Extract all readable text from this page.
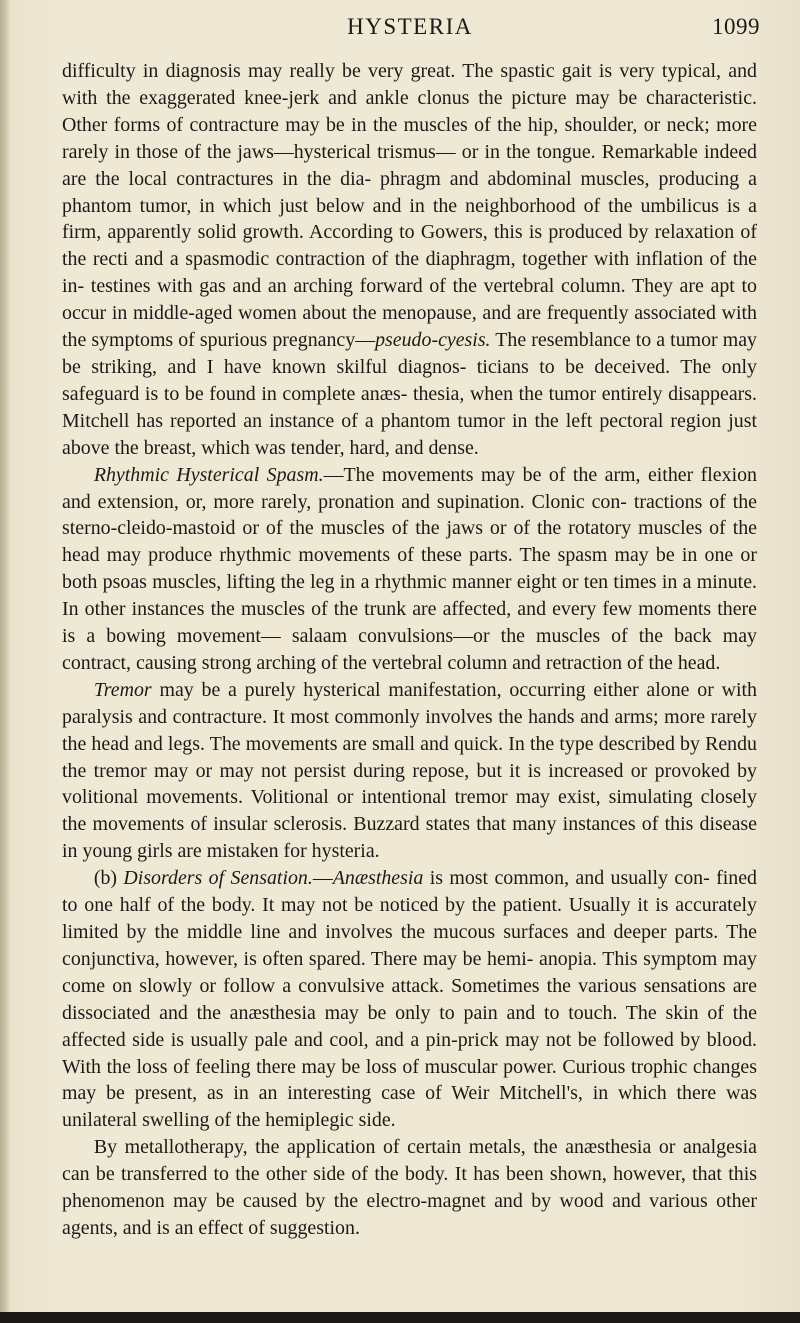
HYSTERIA	1099

difficulty in diagnosis may really be very great. The spastic gait is very typical, and with the exaggerated knee-jerk and ankle clonus the picture may be characteristic. Other forms of contracture may be in the muscles of the hip, shoulder, or neck; more rarely in those of the jaws—hysterical trismus— or in the tongue. Remarkable indeed are the local contractures in the dia- phragm and abdominal muscles, producing a phantom tumor, in which just below and in the neighborhood of the umbilicus is a firm, apparently solid growth. According to Gowers, this is produced by relaxation of the recti and a spasmodic contraction of the diaphragm, together with inflation of the in- testines with gas and an arching forward of the vertebral column. They are apt to occur in middle-aged women about the menopause, and are frequently associated with the symptoms of spurious pregnancy—pseudo-cyesis. The resemblance to a tumor may be striking, and I have known skilful diagnos- ticians to be deceived. The only safeguard is to be found in complete anæs- thesia, when the tumor entirely disappears. Mitchell has reported an instance of a phantom tumor in the left pectoral region just above the breast, which was tender, hard, and dense.

Rhythmic Hysterical Spasm.—The movements may be of the arm, either flexion and extension, or, more rarely, pronation and supination. Clonic con- tractions of the sterno-cleido-mastoid or of the muscles of the jaws or of the rotatory muscles of the head may produce rhythmic movements of these parts. The spasm may be in one or both psoas muscles, lifting the leg in a rhythmic manner eight or ten times in a minute. In other instances the muscles of the trunk are affected, and every few moments there is a bowing movement— salaam convulsions—or the muscles of the back may contract, causing strong arching of the vertebral column and retraction of the head.

Tremor may be a purely hysterical manifestation, occurring either alone or with paralysis and contracture. It most commonly involves the hands and arms; more rarely the head and legs. The movements are small and quick. In the type described by Rendu the tremor may or may not persist during repose, but it is increased or provoked by volitional movements. Volitional or intentional tremor may exist, simulating closely the movements of insular sclerosis. Buzzard states that many instances of this disease in young girls are mistaken for hysteria.

(b) Disorders of Sensation.—Anæsthesia is most common, and usually con- fined to one half of the body. It may not be noticed by the patient. Usually it is accurately limited by the middle line and involves the mucous surfaces and deeper parts. The conjunctiva, however, is often spared. There may be hemi- anopia. This symptom may come on slowly or follow a convulsive attack. Sometimes the various sensations are dissociated and the anæsthesia may be only to pain and to touch. The skin of the affected side is usually pale and cool, and a pin-prick may not be followed by blood. With the loss of feeling there may be loss of muscular power. Curious trophic changes may be present, as in an interesting case of Weir Mitchell's, in which there was unilateral swelling of the hemiplegic side.

By metallotherapy, the application of certain metals, the anæsthesia or analgesia can be transferred to the other side of the body. It has been shown, however, that this phenomenon may be caused by the electro-magnet and by wood and various other agents, and is an effect of suggestion.
